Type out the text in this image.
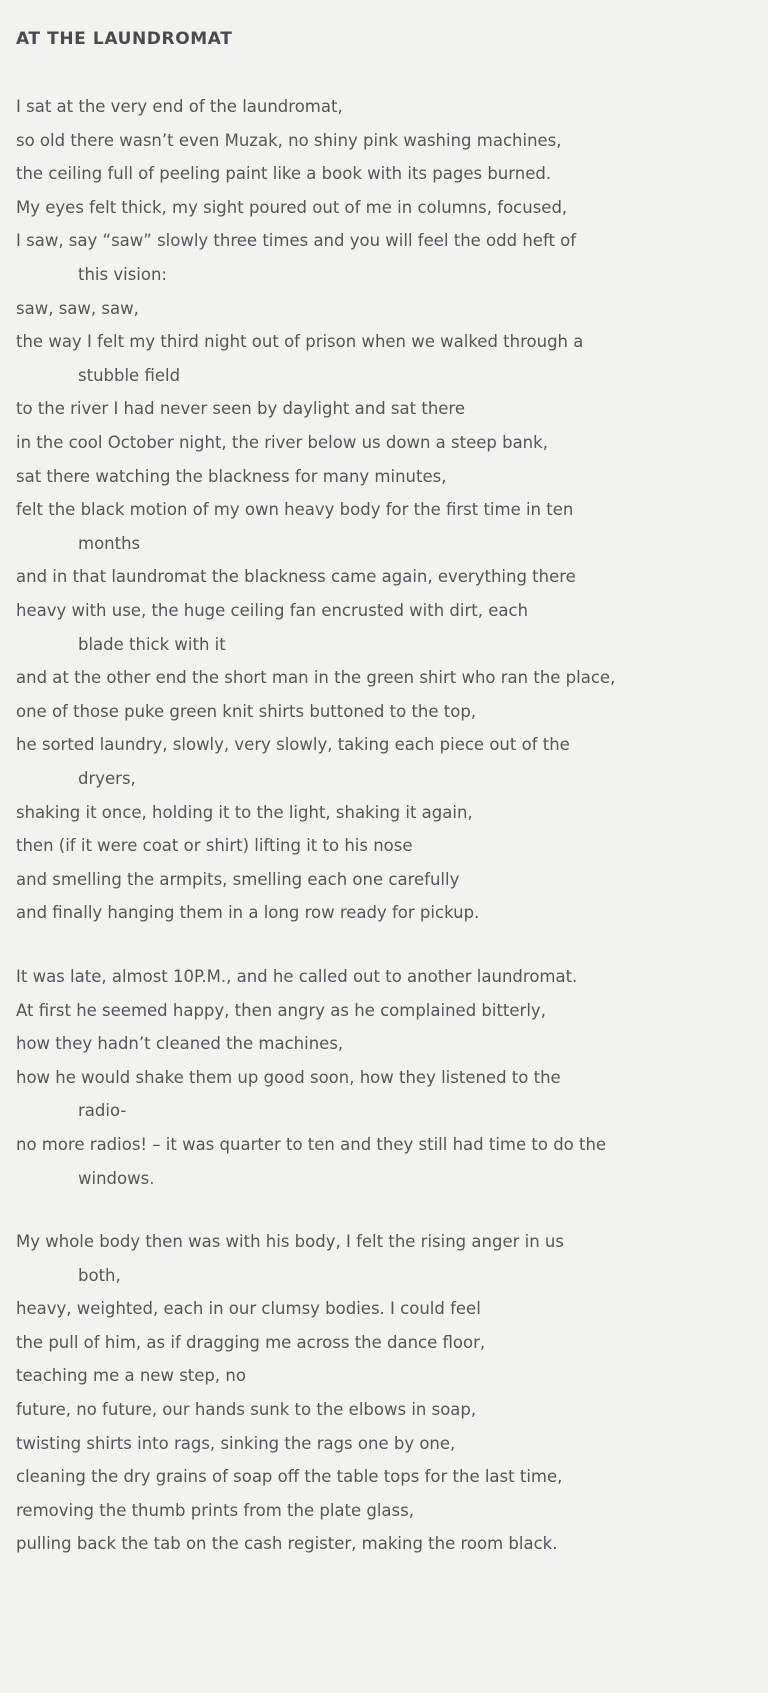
AT THE LAUNDROMAT
I sat at the very end of the laundromat,
so old there wasn’t even Muzak, no shiny pink washing machines,
the ceiling full of peeling paint like a book with its pages burned.
My eyes felt thick, my sight poured out of me in columns, focused,
I saw, say “saw” slowly three times and you will feel the odd heft of
this vision:
saw, saw, saw,
the way I felt my third night out of prison when we walked through a
stubble field
to the river I had never seen by daylight and sat there
in the cool October night, the river below us down a steep bank,
sat there watching the blackness for many minutes,
felt the black motion of my own heavy body for the first time in ten
months
and in that laundromat the blackness came again, everything there
heavy with use, the huge ceiling fan encrusted with dirt, each
blade thick with it
and at the other end the short man in the green shirt who ran the place,
one of those puke green knit shirts buttoned to the top,
he sorted laundry, slowly, very slowly, taking each piece out of the
dryers,
shaking it once, holding it to the light, shaking it again,
then (if it were coat or shirt) lifting it to his nose
and smelling the armpits, smelling each one carefully
and finally hanging them in a long row ready for pickup.
It was late, almost 10P.M., and he called out to another laundromat.
At first he seemed happy, then angry as he complained bitterly,
how they hadn’t cleaned the machines,
how he would shake them up good soon, how they listened to the
radio-
no more radios! – it was quarter to ten and they still had time to do the
windows.
My whole body then was with his body, I felt the rising anger in us
both,
heavy, weighted, each in our clumsy bodies. I could feel
the pull of him, as if dragging me across the dance floor,
teaching me a new step, no
future, no future, our hands sunk to the elbows in soap,
twisting shirts into rags, sinking the rags one by one,
cleaning the dry grains of soap off the table tops for the last time,
removing the thumb prints from the plate glass,
pulling back the tab on the cash register, making the room black.
